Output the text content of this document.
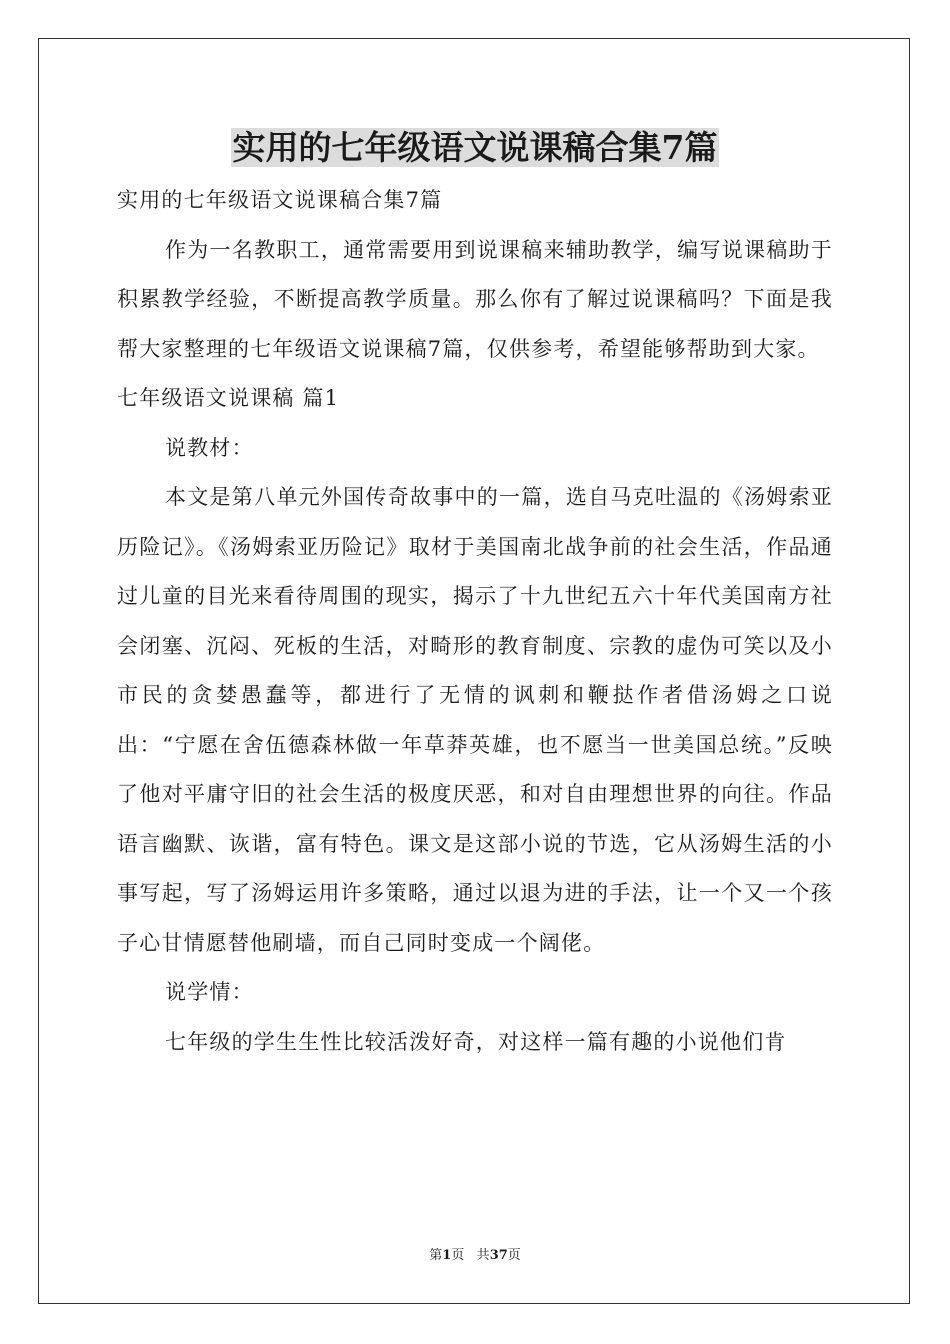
实用的七年级语文说课稿合集7篇

实用的七年级语文说课稿合集7篇

作为一名教职工，通常需要用到说课稿来辅助教学，编写说课稿助于积累教学经验，不断提高教学质量。那么你有了解过说课稿吗？下面是我帮大家整理的七年级语文说课稿7篇，仅供参考，希望能够帮助到大家。

七年级语文说课稿 篇1

说教材：

本文是第八单元外国传奇故事中的一篇，选自马克吐温的《汤姆索亚历险记》。《汤姆索亚历险记》取材于美国南北战争前的社会生活，作品通过儿童的目光来看待周围的现实，揭示了十九世纪五六十年代美国南方社会闭塞、沉闷、死板的生活，对畸形的教育制度、宗教的虚伪可笑以及小市民的贪婪愚蠢等，都进行了无情的讽刺和鞭挞作者借汤姆之口说出：“宁愿在舍伍德森林做一年草莽英雄，也不愿当一世美国总统。”反映了他对平庸守旧的社会生活的极度厌恶，和对自由理想世界的向往。作品语言幽默、诙谐，富有特色。课文是这部小说的节选，它从汤姆生活的小事写起，写了汤姆运用许多策略，通过以退为进的手法，让一个又一个孩子心甘情愿替他刷墙，而自己同时变成一个阔佬。

说学情：

七年级的学生生性比较活泼好奇，对这样一篇有趣的小说他们肯

第1页 共37页
